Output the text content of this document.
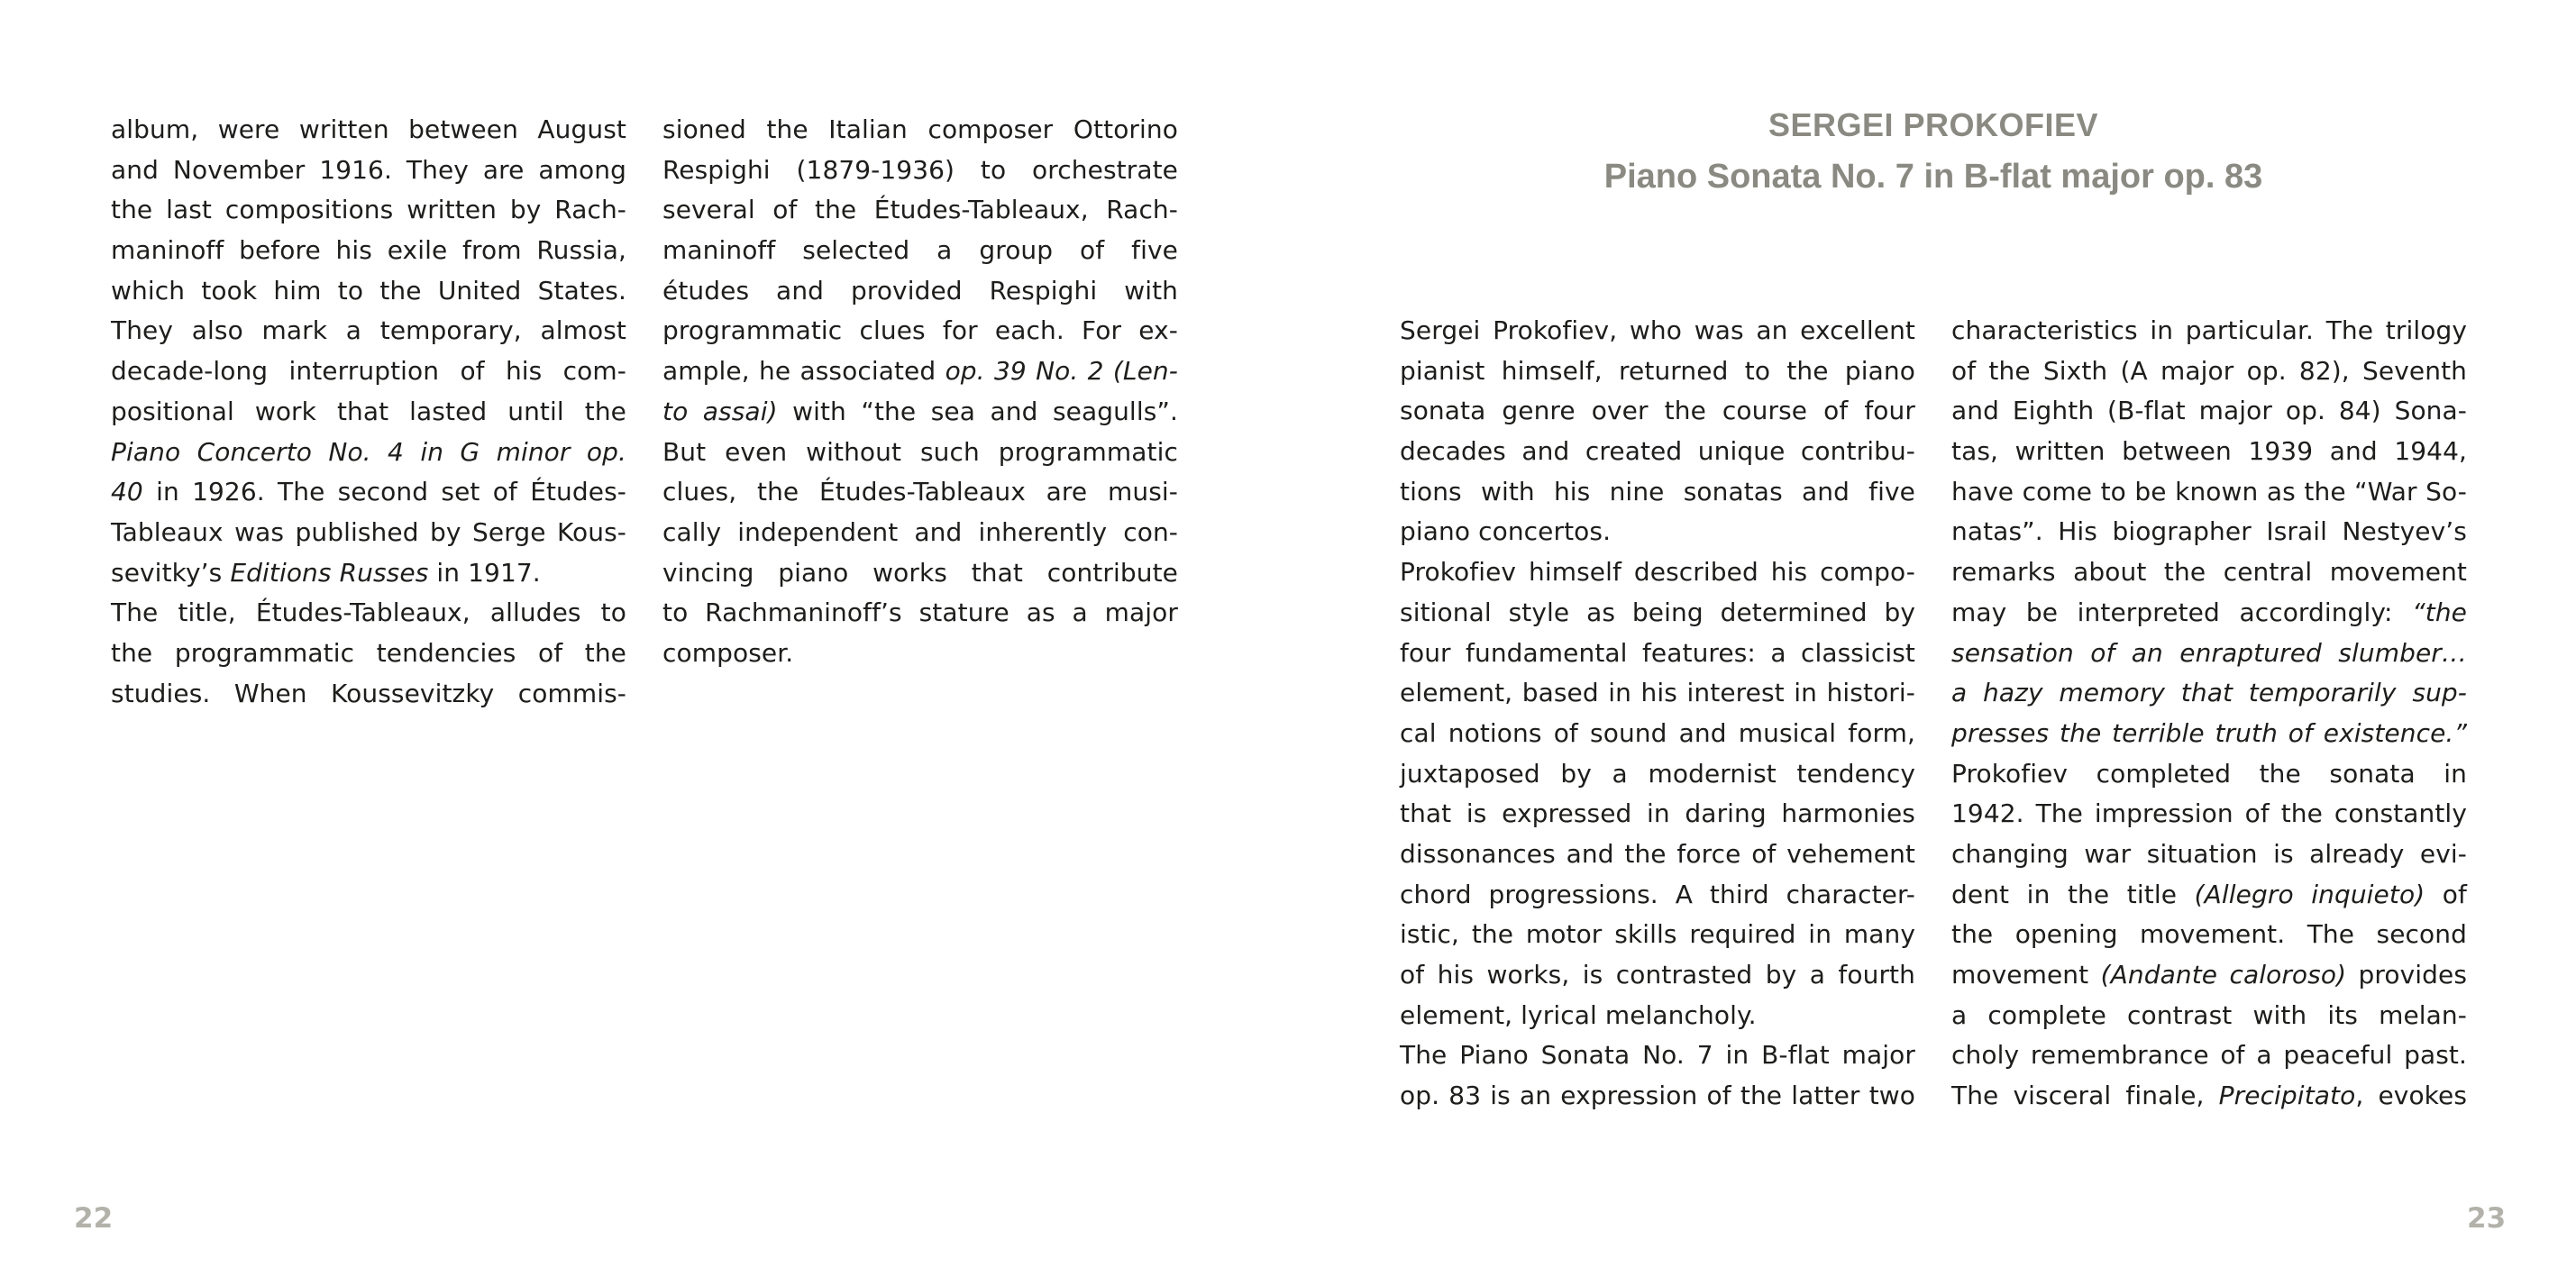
album, were written between August
and November 1916. They are among
the last compositions written by Rach-
maninoff before his exile from Russia,
which took him to the United States.
They also mark a temporary, almost
decade-long interruption of his com-
positional work that lasted until the
Piano Concerto No. 4 in G minor op.
40 in 1926. The second set of Études-
Tableaux was published by Serge Kous-
sevitky’s Editions Russes in 1917.
The title, Études-Tableaux, alludes to
the programmatic tendencies of the
studies. When Koussevitzky commis-
sioned the Italian composer Ottorino
Respighi (1879-1936) to orchestrate
several of the Études-Tableaux, Rach-
maninoff selected a group of five
études and provided Respighi with
programmatic clues for each. For ex-
ample, he associated op. 39 No. 2 (Len-
to assai) with “the sea and seagulls”.
But even without such programmatic
clues, the Études-Tableaux are musi-
cally independent and inherently con-
vincing piano works that contribute
to Rachmaninoff’s stature as a major
composer.
22
SERGEI PROKOFIEV
Piano Sonata No. 7 in B-flat major op. 83
Sergei Prokofiev, who was an excellent
pianist himself, returned to the piano
sonata genre over the course of four
decades and created unique contribu-
tions with his nine sonatas and five
piano concertos.
Prokofiev himself described his compo-
sitional style as being determined by
four fundamental features: a classicist
element, based in his interest in histori-
cal notions of sound and musical form,
juxtaposed by a modernist tendency
that is expressed in daring harmonies
dissonances and the force of vehement
chord progressions. A third character-
istic, the motor skills required in many
of his works, is contrasted by a fourth
element, lyrical melancholy.
The Piano Sonata No. 7 in B-flat major
op. 83 is an expression of the latter two
characteristics in particular. The trilogy
of the Sixth (A major op. 82), Seventh
and Eighth (B-flat major op. 84) Sona-
tas, written between 1939 and 1944,
have come to be known as the “War So-
natas”. His biographer Israil Nestyev’s
remarks about the central movement
may be interpreted accordingly: “the
sensation of an enraptured slumber…
a hazy memory that temporarily sup-
presses the terrible truth of existence.”
Prokofiev completed the sonata in
1942. The impression of the constantly
changing war situation is already evi-
dent in the title (Allegro inquieto) of
the opening movement. The second
movement (Andante caloroso) provides
a complete contrast with its melan-
choly remembrance of a peaceful past.
The visceral finale, Precipitato, evokes
23
